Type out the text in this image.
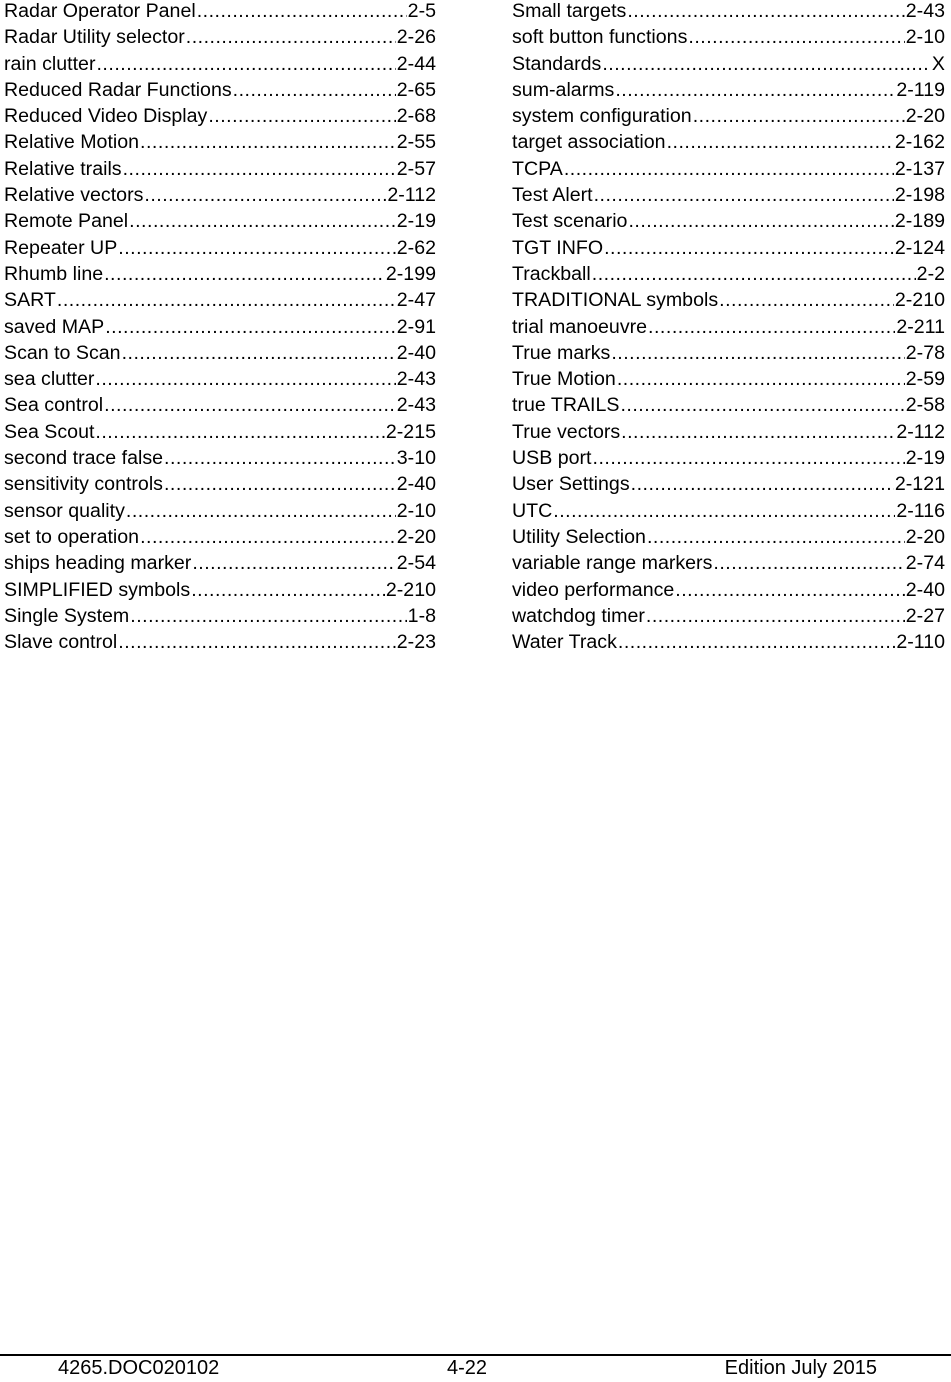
Radar Operator Panel .....	2-5
Radar Utility selector .....	2-26
rain clutter .....	2-44
Reduced Radar Functions .....	2-65
Reduced Video Display .....	2-68
Relative Motion .....	2-55
Relative trails .....	2-57
Relative vectors .....	2-112
Remote Panel .....	2-19
Repeater UP .....	2-62
Rhumb line .....	2-199
SART .....	2-47
saved MAP .....	2-91
Scan to Scan .....	2-40
sea clutter .....	2-43
Sea control .....	2-43
Sea Scout .....	2-215
second trace false .....	3-10
sensitivity controls .....	2-40
sensor quality .....	2-10
set to operation .....	2-20
ships heading marker .....	2-54
SIMPLIFIED symbols .....	2-210
Single System .....	1-8
Slave control .....	2-23
Small targets .....	2-43
soft button functions .....	2-10
Standards .....	X
sum-alarms .....	2-119
system configuration .....	2-20
target association .....	2-162
TCPA .....	2-137
Test Alert .....	2-198
Test scenario .....	2-189
TGT INFO .....	2-124
Trackball .....	2-2
TRADITIONAL symbols .....	2-210
trial manoeuvre .....	2-211
True marks .....	2-78
True Motion .....	2-59
true TRAILS .....	2-58
True vectors .....	2-112
USB port .....	2-19
User Settings .....	2-121
UTC .....	2-116
Utility Selection .....	2-20
variable range markers .....	2-74
video performance .....	2-40
watchdog timer .....	2-27
Water Track .....	2-110
4265.DOC020102	4-22	Edition July 2015
